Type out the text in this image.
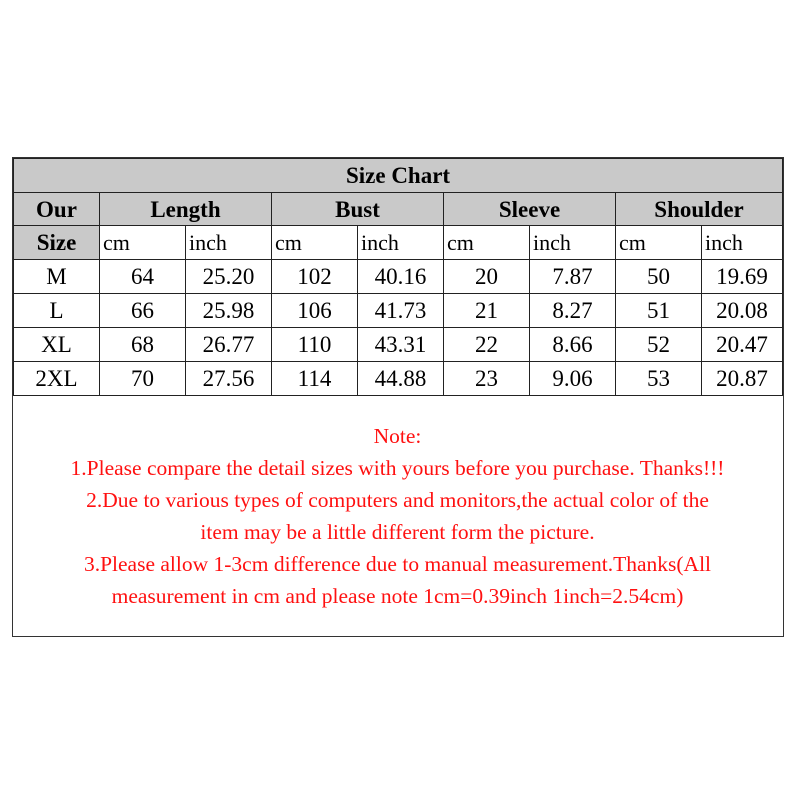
Size Chart								
Our	Length		Bust		Sleeve		Shoulder	
Size	cm	inch	cm	inch	cm	inch	cm	inch
M	64	25.20	102	40.16	20	7.87	50	19.69
L	66	25.98	106	41.73	21	8.27	51	20.08
XL	68	26.77	110	43.31	22	8.66	52	20.47
2XL	70	27.56	114	44.88	23	9.06	53	20.87
Note:
1.Please compare the detail sizes with yours before you purchase. Thanks!!!
2.Due to various types of computers and monitors,the actual color of the
item may be a little different form the picture.
3.Please allow 1-3cm difference due to manual measurement.Thanks(All
measurement in cm and please note 1cm=0.39inch 1inch=2.54cm)
